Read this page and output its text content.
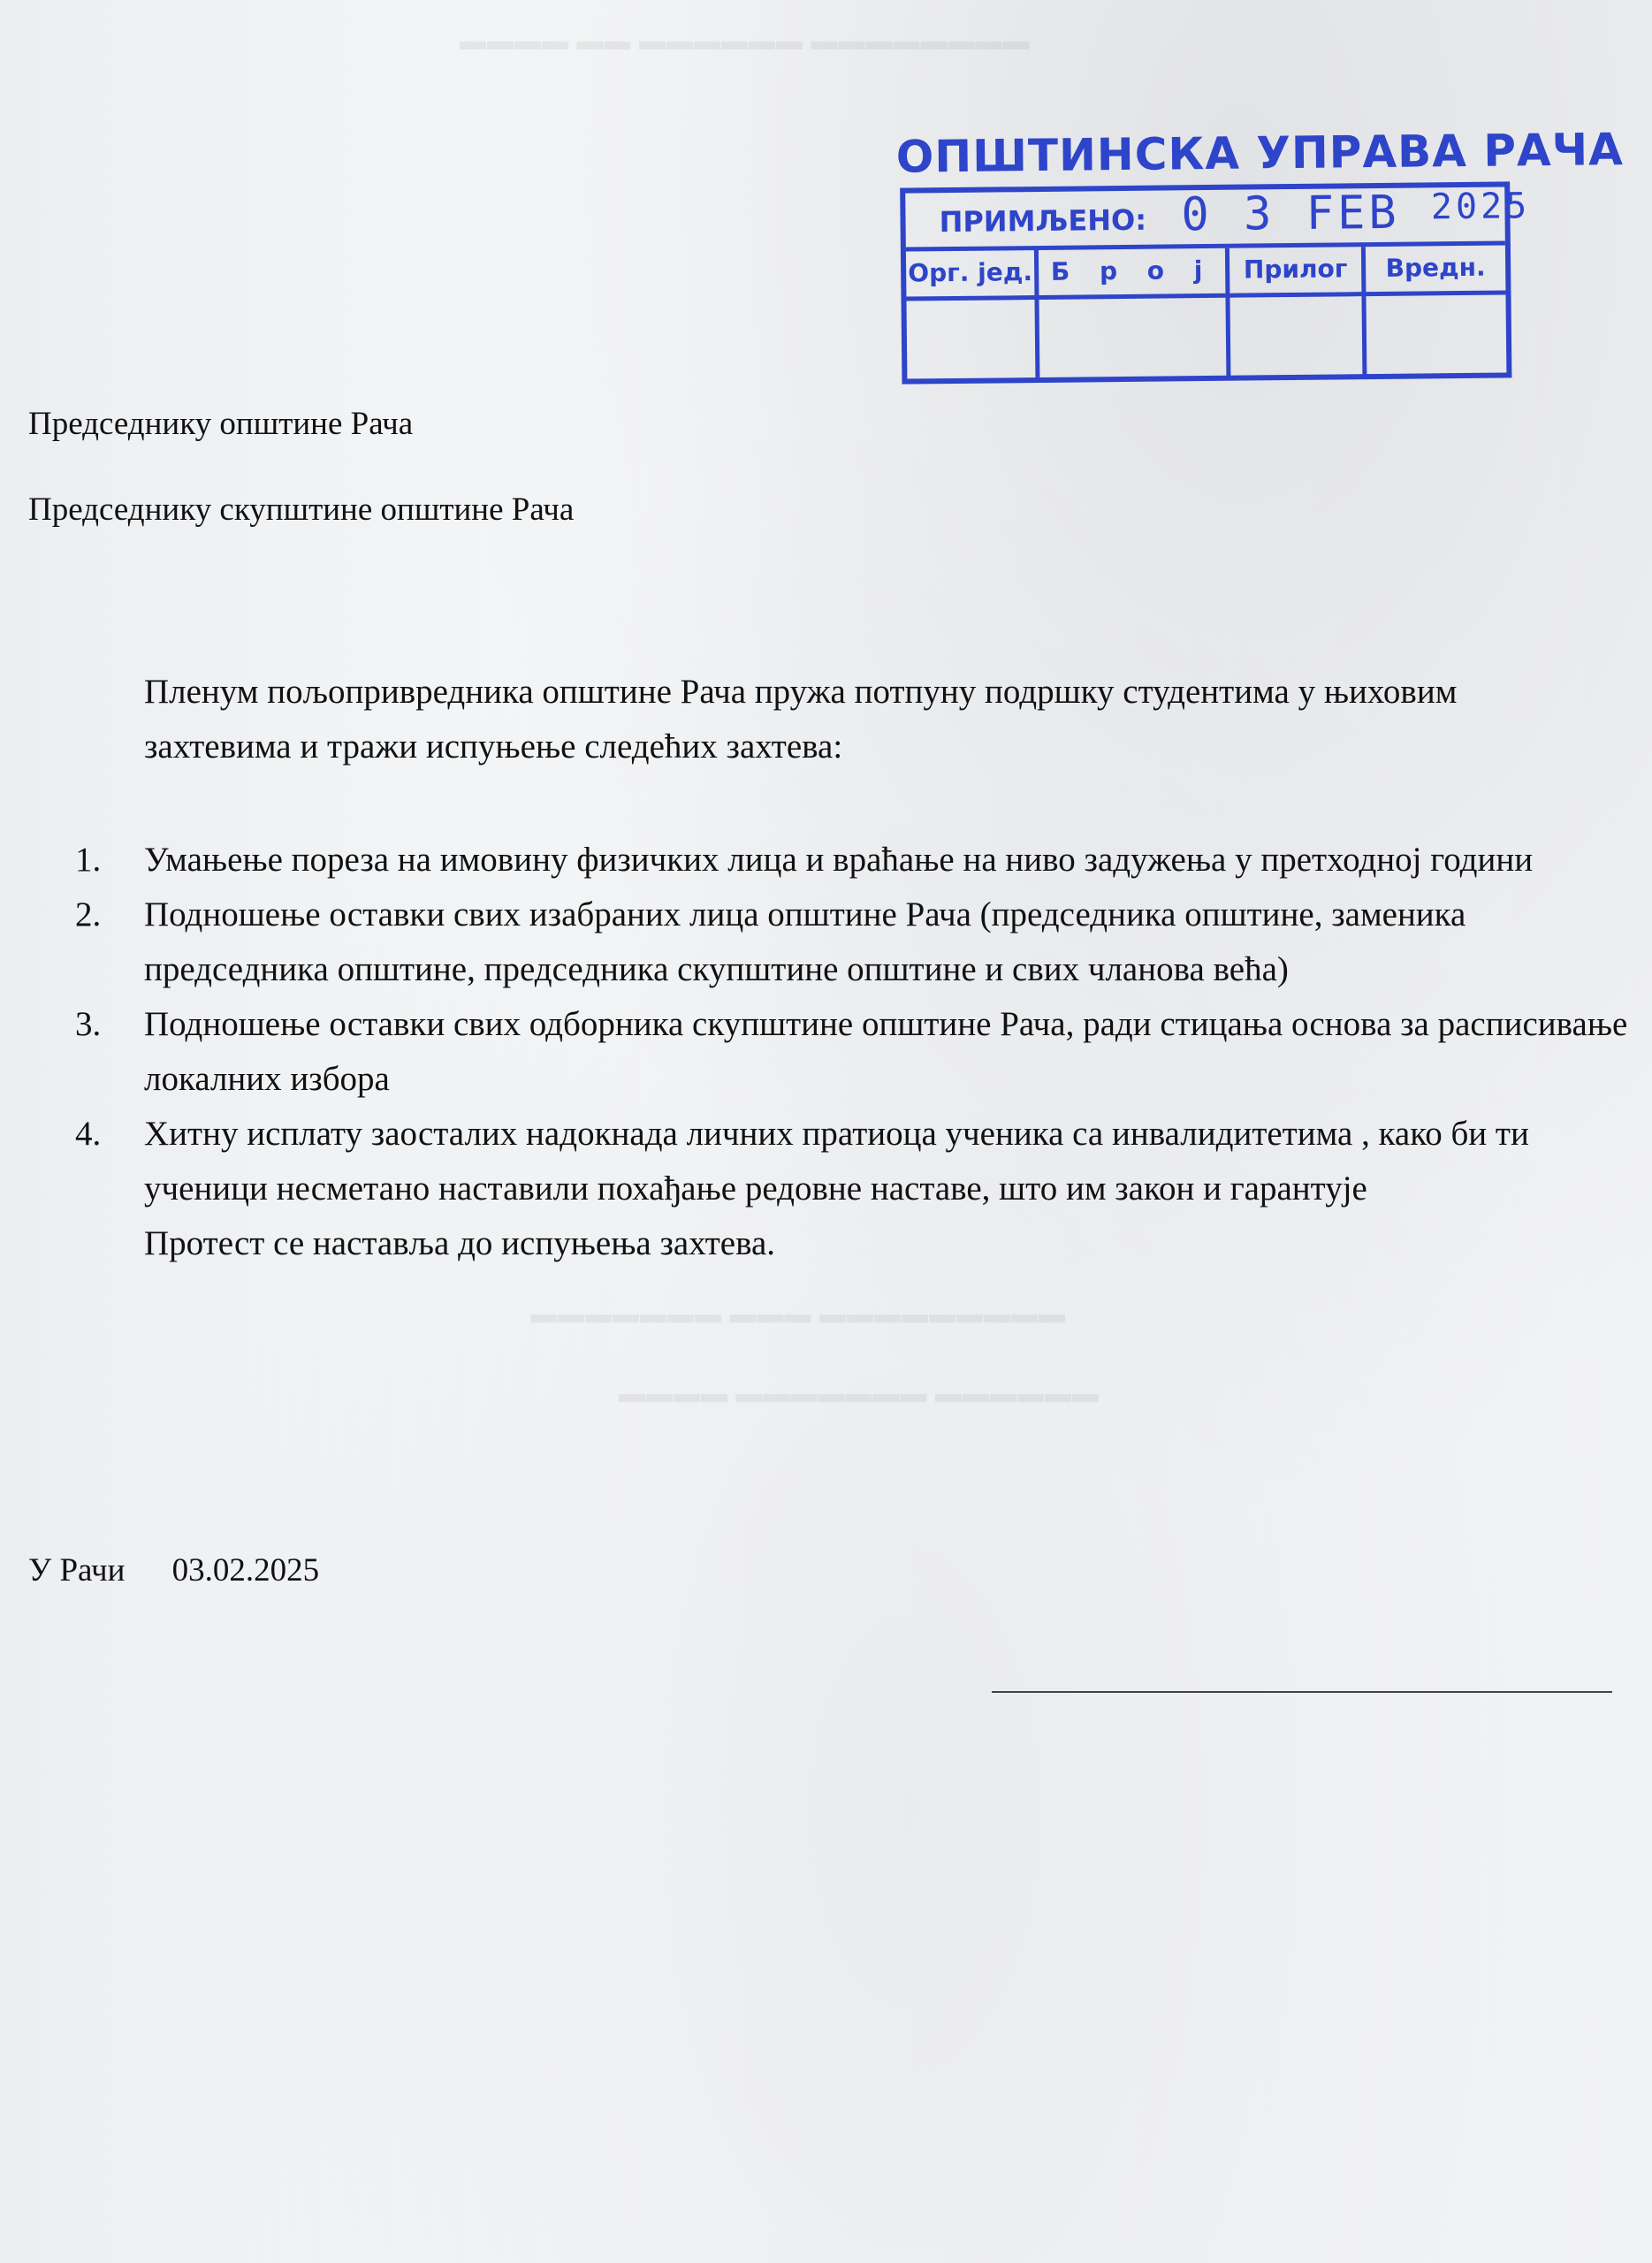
▬▬▬▬ ▬▬ ▬▬▬▬▬▬ ▬▬▬▬▬▬▬▬
▬▬▬▬▬▬▬ ▬▬▬ ▬▬▬▬▬▬▬▬▬
▬▬▬▬ ▬▬▬▬▬▬▬ ▬▬▬▬▬▬
ОПШТИНСКА УПРАВА РАЧА
ПРИМЉЕНО: 0 3 FEB 2025
Орг. јед. Б р о ј	Прилог	Вредн.
Председнику општине Рача
Председнику скупштине општине Рача
Пленум пољопривредника општине Рача пружа потпуну подршку студентима у њиховим захтевима и тражи испуњење следећих захтева:
1. Умањење пореза на имовину физичких лица и враћање на ниво задужења у претходној години
2. Подношење оставки свих изабраних лица општине Рача (председника општине, заменика председника општине, председника скупштине општине и свих чланова већа)
3. Подношење оставки свих одборника скупштине општине Рача, ради стицања основа за расписивање локалних избора
4. Хитну исплату заосталих надокнада личних пратиоца ученика са инвалидитетима , како би ти ученици несметано наставили похађање редовне наставе, што им закон и гарантује
Протест се наставља до испуњења захтева.
У Рачи 03.02.2025
